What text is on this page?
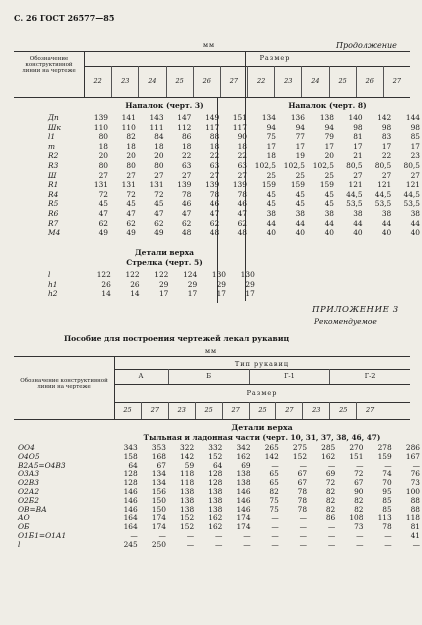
С. 26 ГОСТ 26577—85
Продолжение
мм
Обозначение конструктивной линии на чертеже
Размер
22	23	24	25	26	27	22	23	24	25	26	27
Напалок (черт. 3)	Напалок (черт. 8)
Дп	139	141	143	147	149	151	134	136	138	140	142	144
Шк	110	110	111	112	117	117	94	94	94	98	98	98
l1	80	82	84	86	88	90	75	77	79	81	83	85
m	18	18	18	18	18	18	17	17	17	17	17	17
R2	20	20	20	22	22	22	18	19	20	21	22	23
R3	80	80	80	63	63	63	102,5	102,5	102,5	80,5	80,5	80,5
Ш	27	27	27	27	27	27	25	25	25	27	27	27
R1	131	131	131	139	139	139	159	159	159	121	121	121
R4	72	72	72	78	78	78	45	45	45	44,5	44,5	44,5
R5	45	45	45	46	46	46	45	45	45	53,5	53,5	53,5
R6	47	47	47	47	47	47	38	38	38	38	38	38
R7	62	62	62	62	62	62	44	44	44	44	44	44
М4	49	49	49	48	48	48	40	40	40	40	40	40
Детали верха
Стрелка (черт. 5)
l	122	122	122	124	130	130
h1	26	26	29	29	29	29
h2	14	14	17	17	17	17
ПРИЛОЖЕНИЕ 3
Рекомендуемое
Пособие для построения чертежей лекал рукавиц
мм
Обозначение конструктивной линии на чертеже
Тип рукавиц
А	Б	Г-1	Г-2
Размер
25	27	23	25	27	25	27	23	25	27
Детали верха
Тыльная и ладонная части (черт. 10, 31, 37, 38, 46, 47)
ОО4	343	353	322	332	342	265	275	285	270	278	286
О4О5	158	168	142	152	162	142	152	162	151	159	167
В2А5=О4В3	64	67	59	64	69	—	—	—	—	—	—
О3А3	128	134	118	128	138	65	67	69	72	74	76
О2В3	128	134	118	128	138	65	67	72	67	70	73
О2А2	146	156	138	138	146	82	78	82	90	95	100
О2Б2	146	150	138	138	146	75	78	82	82	85	88
ОВ=ВА	146	150	138	138	146	75	78	82	82	85	88
АО	164	174	152	162	174	—	—	86	108	113	118
ОБ	164	174	152	162	174	—	—	—	73	78	81
О1Б1=О1А1	—	—	—	—	—	—	—	—	—	—	41
l	245	250	—	—	—	—	—	—	—	—	—
